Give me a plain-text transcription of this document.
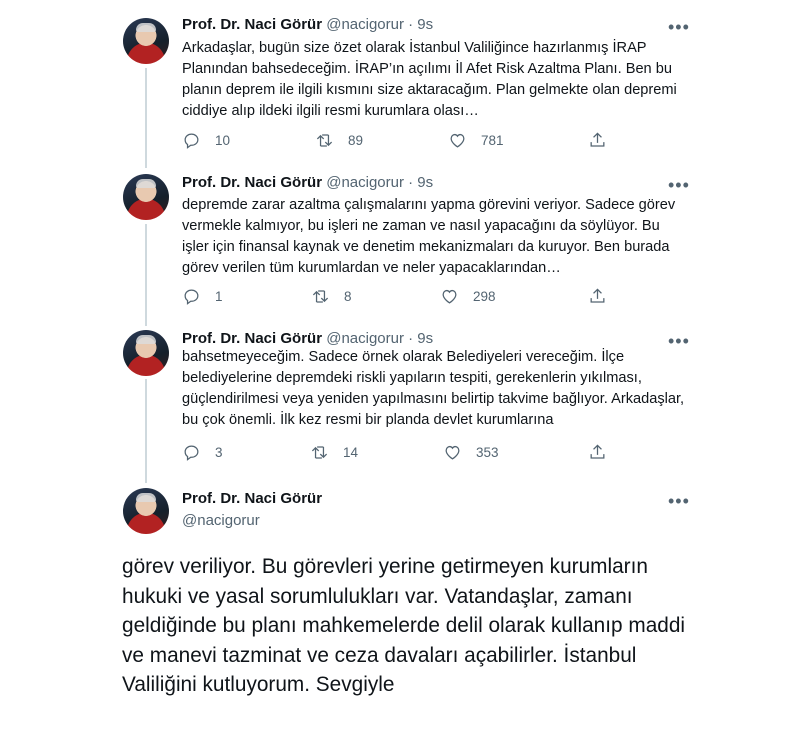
Prof. Dr. Naci Görür @nacigorur · 9s	•••
Arkadaşlar, bugün size özet olarak İstanbul Valiliğince hazırlanmış İRAP Planından bahsedeceğim. İRAP’ın açılımı İl Afet Risk Azaltma Planı. Ben bu planın deprem ile ilgili kısmını size aktaracağım. Plan gelmekte olan depremi ciddiye alıp ildeki ilgili resmi kurumlara olası…
10	89	781
Prof. Dr. Naci Görür @nacigorur · 9s	•••
depremde zarar azaltma çalışmalarını yapma görevini veriyor. Sadece görev vermekle kalmıyor, bu işleri ne zaman ve nasıl yapacağını da söylüyor. Bu işler için finansal kaynak ve denetim mekanizmaları da kuruyor. Ben burada görev verilen tüm kurumlardan ve neler yapacaklarından…
1	8	298
Prof. Dr. Naci Görür @nacigorur · 9s	•••
bahsetmeyeceğim. Sadece örnek olarak Belediyeleri vereceğim. İlçe belediyelerine depremdeki riskli yapıların tespiti, gerekenlerin yıkılması, güçlendirilmesi veya yeniden yapılmasını belirtip takvime bağlıyor. Arkadaşlar, bu çok önemli. İlk kez resmi bir planda devlet kurumlarına
3	14	353
Prof. Dr. Naci Görür
@nacigorur
•••
görev veriliyor. Bu görevleri yerine getirmeyen kurumların hukuki ve yasal sorumlulukları var. Vatandaşlar, zamanı geldiğinde bu planı mahkemelerde delil olarak kullanıp maddi ve manevi tazminat ve ceza davaları açabilirler. İstanbul Valiliğini kutluyorum. Sevgiyle
